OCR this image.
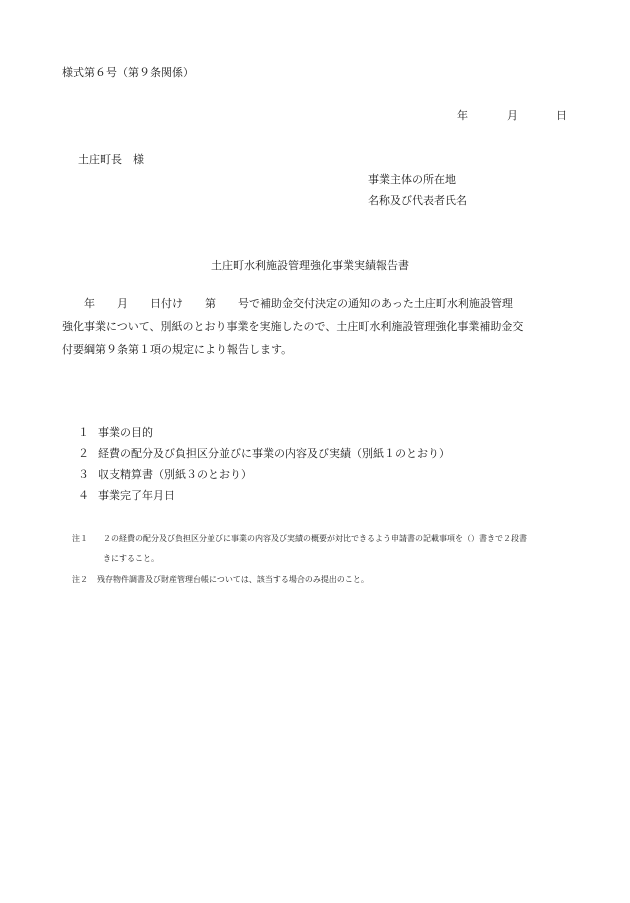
様式第６号（第９条関係）
年	月	日
土庄町長　様
事業主体の所在地
名称及び代表者氏名
土庄町水利施設管理強化事業実績報告書
　　年　　月　　日付け　　第　　号で補助金交付決定の通知のあった土庄町水利施設管理
強化事業について、別紙のとおり事業を実施したので、土庄町水利施設管理強化事業補助金交
付要綱第９条第１項の規定により報告します。
１ 事業の目的
２ 経費の配分及び負担区分並びに事業の内容及び実績（別紙１のとおり）
３ 収支精算書（別紙３のとおり）
４ 事業完了年月日
注１ ２の経費の配分及び負担区分並びに事業の内容及び実績の概要が対比できるよう申請書の記載事項を（）書きで２段書
きにすること。
注２ 残存物件調書及び財産管理台帳については、該当する場合のみ提出のこと。
